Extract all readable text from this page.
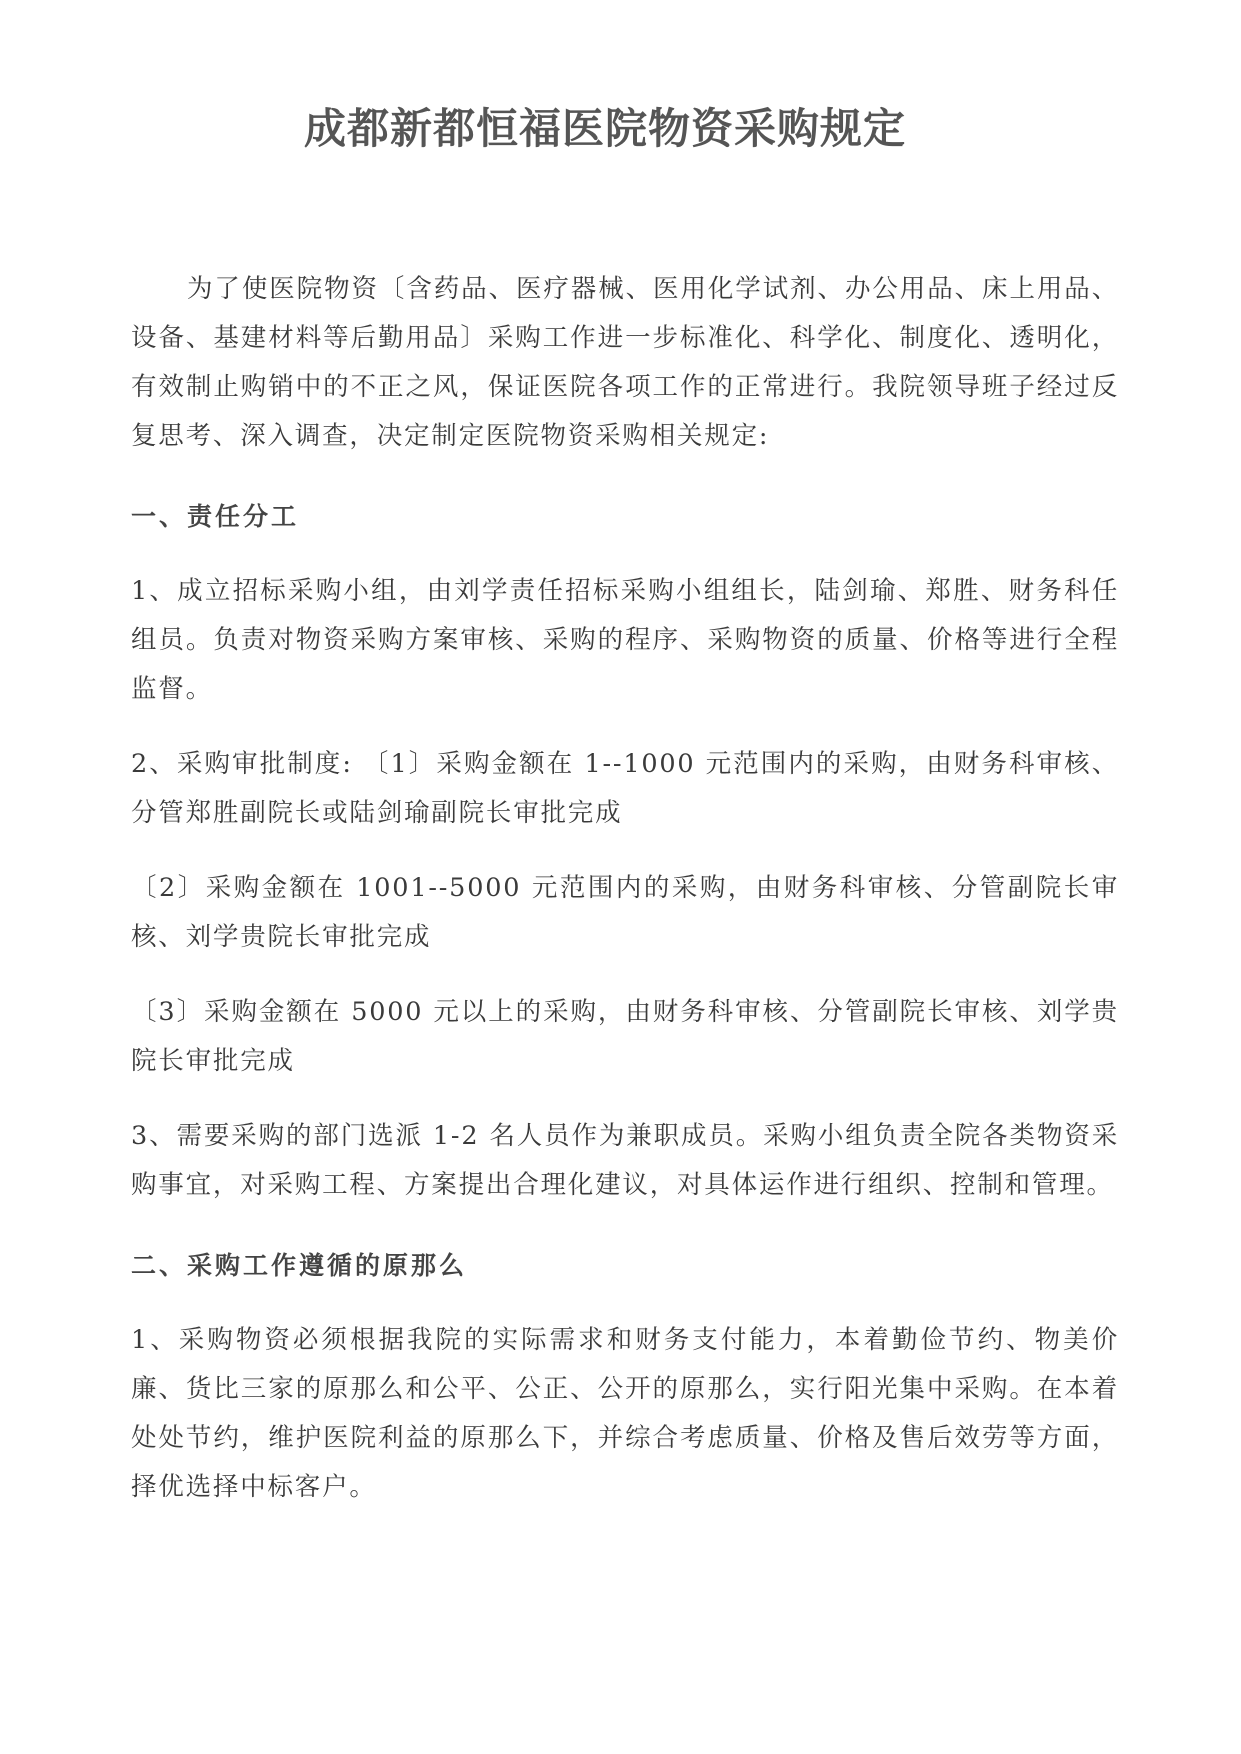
成都新都恒福医院物资采购规定

为了使医院物资〔含药品、医疗器械、医用化学试剂、办公用品、床上用品、设备、基建材料等后勤用品〕采购工作进一步标准化、科学化、制度化、透明化，有效制止购销中的不正之风，保证医院各项工作的正常进行。我院领导班子经过反复思考、深入调查，决定制定医院物资采购相关规定:

一、责任分工

1、成立招标采购小组，由刘学责任招标采购小组组长，陆剑瑜、郑胜、财务科任组员。负责对物资采购方案审核、采购的程序、采购物资的质量、价格等进行全程监督。

2、采购审批制度: 〔1〕采购金额在 1--1000 元范围内的采购，由财务科审核、分管郑胜副院长或陆剑瑜副院长审批完成

〔2〕采购金额在 1001--5000 元范围内的采购，由财务科审核、分管副院长审核、刘学贵院长审批完成

〔3〕采购金额在 5000 元以上的采购，由财务科审核、分管副院长审核、刘学贵院长审批完成

3、需要采购的部门选派 1-2 名人员作为兼职成员。采购小组负责全院各类物资采购事宜，对采购工程、方案提出合理化建议，对具体运作进行组织、控制和管理。

二、采购工作遵循的原那么

1、采购物资必须根据我院的实际需求和财务支付能力，本着勤俭节约、物美价廉、货比三家的原那么和公平、公正、公开的原那么，实行阳光集中采购。在本着处处节约，维护医院利益的原那么下，并综合考虑质量、价格及售后效劳等方面，择优选择中标客户。
